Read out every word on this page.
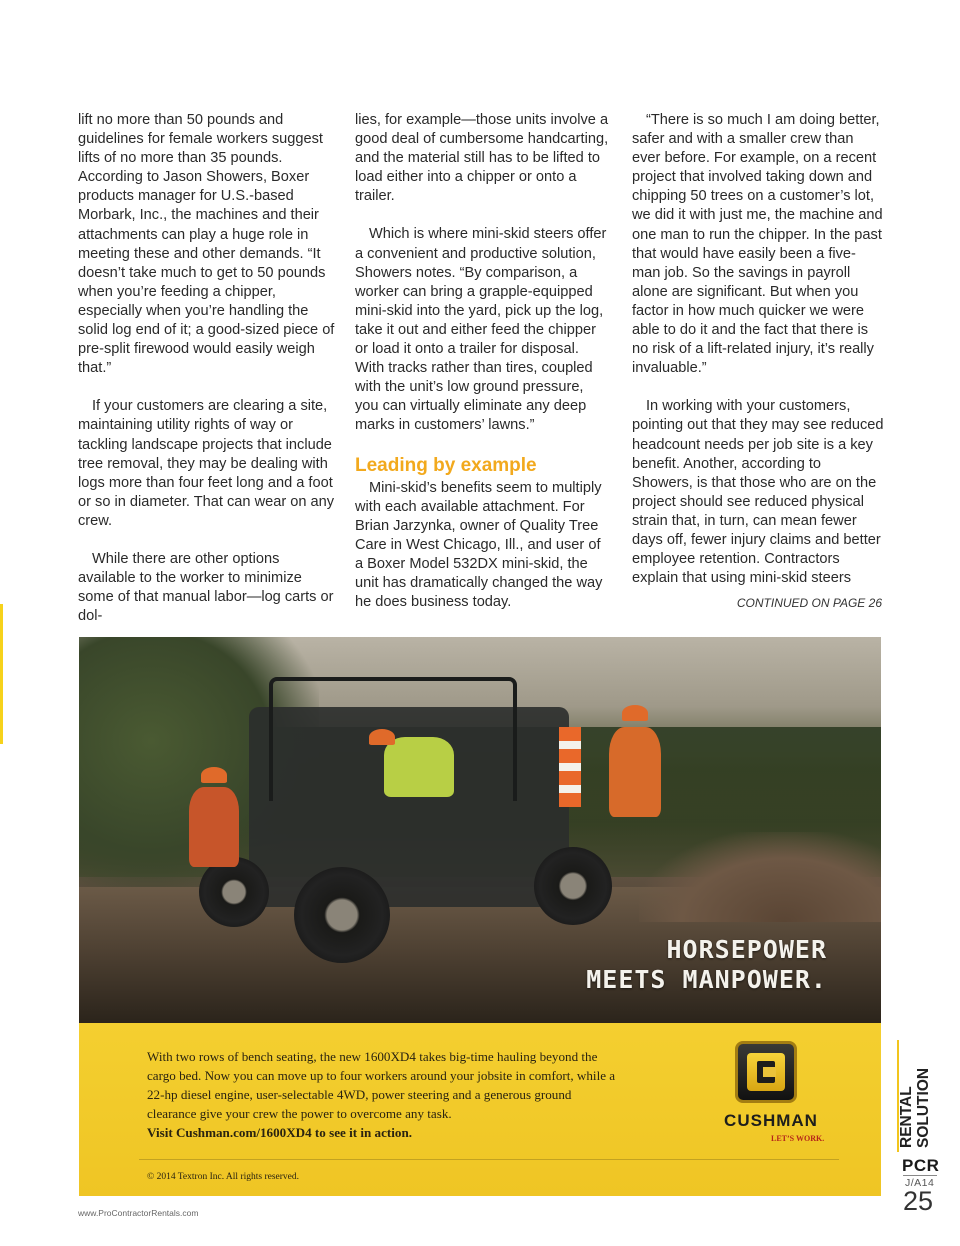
lift no more than 50 pounds and guidelines for female workers suggest lifts of no more than 35 pounds. According to Jason Showers, Boxer products manager for U.S.-based Morbark, Inc., the machines and their attachments can play a huge role in meeting these and other demands. “It doesn’t take much to get to 50 pounds when you’re feeding a chipper, especially when you’re handling the solid log end of it; a good-sized piece of pre-split firewood would easily weigh that.”

If your customers are clearing a site, maintaining utility rights of way or tackling landscape projects that include tree removal, they may be dealing with logs more than four feet long and a foot or so in diameter. That can wear on any crew.

While there are other options available to the worker to minimize some of that manual labor—log carts or dol-

lies, for example—those units involve a good deal of cumbersome handcarting, and the material still has to be lifted to load either into a chipper or onto a trailer.

Which is where mini-skid steers offer a convenient and productive solution, Showers notes. “By comparison, a worker can bring a grapple-equipped mini-skid into the yard, pick up the log, take it out and either feed the chipper or load it onto a trailer for disposal. With tracks rather than tires, coupled with the unit’s low ground pressure, you can virtually eliminate any deep marks in customers’ lawns.”

Leading by example

Mini-skid’s benefits seem to multiply with each available attachment. For Brian Jarzynka, owner of Quality Tree Care in West Chicago, Ill., and user of a Boxer Model 532DX mini-skid, the unit has dramatically changed the way he does business today.

“There is so much I am doing better, safer and with a smaller crew than ever before. For example, on a recent project that involved taking down and chipping 50 trees on a customer’s lot, we did it with just me, the machine and one man to run the chipper. In the past that would have easily been a five-man job. So the savings in payroll alone are significant. But when you factor in how much quicker we were able to do it and the fact that there is no risk of a lift-related injury, it’s really invaluable.”

In working with your customers, pointing out that they may see reduced headcount needs per job site is a key benefit. Another, according to Showers, is that those who are on the project should see reduced physical strain that, in turn, can mean fewer days off, fewer injury claims and better employee retention. Contractors explain that using mini-skid steers

CONTINUED ON PAGE 26
HORSEPOWER
MEETS MANPOWER.
With two rows of bench seating, the new 1600XD4 takes big-time hauling beyond the cargo bed. Now you can move up to four workers around your jobsite in comfort, while a 22-hp diesel engine, user-selectable 4WD, power steering and a generous ground clearance give your crew the power to overcome any task.
Visit Cushman.com/1600XD4 to see it in action.
© 2014 Textron Inc. All rights reserved.
CUSHMAN
LET’S WORK.	RENTAL SOLUTION
PCR
J/A14
25
www.ProContractorRentals.com
